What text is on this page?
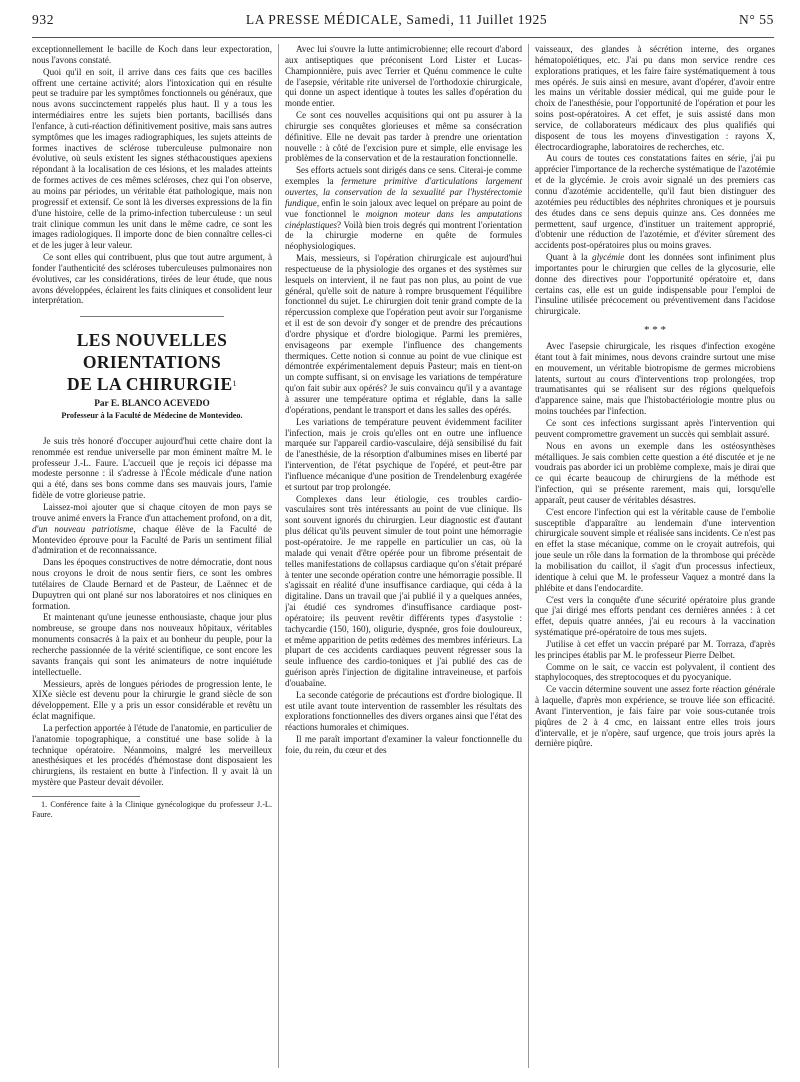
932	LA PRESSE MÉDICALE, Samedi, 11 Juillet 1925	N° 55

exceptionnellement le bacille de Koch dans leur expectoration, nous l'avons constaté.

Quoi qu'il en soit, il arrive dans ces faits que ces bacilles offrent une certaine activité; alors l'intoxication qui en résulte peut se traduire par les symptômes fonctionnels ou généraux, que nous avons succinctement rappelés plus haut. Il y a tous les intermédiaires entre les sujets bien portants, bacillisés dans l'enfance, à cuti-réaction définitivement positive, mais sans autres symptômes que les images radiographiques, les sujets atteints de formes inactives de sclérose tuberculeuse pulmonaire non évolutive, où seuls existent les signes stéthacoustiques apexiens répondant à la localisation de ces lésions, et les malades atteints de formes actives de ces mêmes scléroses, chez qui l'on observe, au moins par périodes, un véritable état pathologique, mais non progressif et extensif. Ce sont là les diverses expressions de la fin d'une histoire, celle de la primo-infection tuberculeuse : un seul trait clinique commun les unit dans le même cadre, ce sont les images radiologiques. Il importe donc de bien connaître celles-ci et de les juger à leur valeur.

Ce sont elles qui contribuent, plus que tout autre argument, à fonder l'authenticité des scléroses tuberculeuses pulmonaires non évolutives, car les considérations, tirées de leur étude, que nous avons développées, éclairent les faits cliniques et consolident leur interprétation.

LES NOUVELLES ORIENTATIONS
DE LA CHIRURGIE$^1$
Par E. BLANCO ACEVEDO
Professeur à la Faculté de Médecine de Montevideo.

Je suis très honoré d'occuper aujourd'hui cette chaire dont la renommée est rendue universelle par mon éminent maître M. le professeur J.-L. Faure. L'accueil que je reçois ici dépasse ma modeste personne : il s'adresse à l'École médicale d'une nation qui a été, dans ses bons comme dans ses mauvais jours, l'amie fidèle de votre glorieuse patrie.

Laissez-moi ajouter que si chaque citoyen de mon pays se trouve animé envers la France d'un attachement profond, on a dit, d'un nouveau patriotisme, chaque élève de la Faculté de Montevideo éprouve pour la Faculté de Paris un sentiment filial d'admiration et de reconnaissance.

Dans les époques constructives de notre démocratie, dont nous nous croyons le droit de nous sentir fiers, ce sont les ombres tutélaires de Claude Bernard et de Pasteur, de Laënnec et de Dupuytren qui ont plané sur nos laboratoires et nos cliniques en formation.

Et maintenant qu'une jeunesse enthousiaste, chaque jour plus nombreuse, se groupe dans nos nouveaux hôpitaux, véritables monuments consacrés à la paix et au bonheur du peuple, pour la recherche passionnée de la vérité scientifique, ce sont encore les savants français qui sont les animateurs de notre inquiétude intellectuelle.

Messieurs, après de longues périodes de progression lente, le XIXe siècle est devenu pour la chirurgie le grand siècle de son développement. Elle y a pris un essor considérable et revêtu un éclat magnifique.

La perfection apportée à l'étude de l'anatomie, en particulier de l'anatomie topographique, a constitué une base solide à la technique opératoire. Néanmoins, malgré les merveilleux anesthésiques et les procédés d'hémostase dont disposaient les chirurgiens, ils restaient en butte à l'infection. Il y avait là un mystère que Pasteur devait dévoiler.

1. Conférence faite à la Clinique gynécologique du professeur J.-L. Faure.

Avec lui s'ouvre la lutte antimicrobienne; elle recourt d'abord aux antiseptiques que préconisent Lord Lister et Lucas-Championnière, puis avec Terrier et Quénu commence le culte de l'asepsie, véritable rite universel de l'orthodoxie chirurgicale, qui donne un aspect identique à toutes les salles d'opération du monde entier.

Ce sont ces nouvelles acquisitions qui ont pu assurer à la chirurgie ses conquêtes glorieuses et même sa consécration définitive. Elle ne devait pas tarder à prendre une orientation nouvelle : à côté de l'excision pure et simple, elle envisage les problèmes de la conservation et de la restauration fonctionnelle.

Ses efforts actuels sont dirigés dans ce sens. Citerai-je comme exemples la fermeture primitive d'articulations largement ouvertes, la conservation de la sexualité par l'hystérectomie fundique, enfin le soin jaloux avec lequel on prépare au point de vue fonctionnel le moignon moteur dans les amputations cinéplastiques? Voilà bien trois degrés qui montrent l'orientation de la chirurgie moderne en quête de formules néophysiologiques.

Mais, messieurs, si l'opération chirurgicale est aujourd'hui respectueuse de la physiologie des organes et des systèmes sur lesquels on intervient, il ne faut pas non plus, au point de vue général, qu'elle soit de nature à rompre brusquement l'équilibre fonctionnel du sujet. Le chirurgien doit tenir grand compte de la répercussion complexe que l'opération peut avoir sur l'organisme et il est de son devoir d'y songer et de prendre des précautions d'ordre physique et d'ordre biologique. Parmi les premières, envisageons par exemple l'influence des changements thermiques. Cette notion si connue au point de vue clinique est démontrée expérimentalement depuis Pasteur; mais en tient-on un compte suffisant, si on envisage les variations de température qu'on fait subir aux opérés? Je suis convaincu qu'il y a avantage à assurer une température optima et réglable, dans la salle d'opérations, pendant le transport et dans les salles des opérés.

Les variations de température peuvent évidemment faciliter l'infection, mais je crois qu'elles ont en outre une influence marquée sur l'appareil cardio-vasculaire, déjà sensibilisé du fait de l'anesthésie, de la résorption d'albumines mises en liberté par l'intervention, de l'état psychique de l'opéré, et peut-être par l'influence mécanique d'une position de Trendelenburg exagérée et surtout par trop prolongée.

Complexes dans leur étiologie, ces troubles cardio-vasculaires sont très intéressants au point de vue clinique. Ils sont souvent ignorés du chirurgien. Leur diagnostic est d'autant plus délicat qu'ils peuvent simuler de tout point une hémorragie post-opératoire. Je me rappelle en particulier un cas, où la malade qui venait d'être opérée pour un fibrome présentait de telles manifestations de collapsus cardiaque qu'on s'était préparé à tenter une seconde opération contre une hémorragie possible. Il s'agissait en réalité d'une insuffisance cardiaque, qui céda à la digitaline. Dans un travail que j'ai publié il y a quelques années, j'ai étudié ces syndromes d'insuffisance cardiaque post-opératoire; ils peuvent revêtir différents types d'asystolie : tachycardie (150, 160), oligurie, dyspnée, gros foie douloureux, et même apparition de petits œdèmes des membres inférieurs. La plupart de ces accidents cardiaques peuvent régresser sous la seule influence des cardio-toniques et j'ai publié des cas de guérison après l'injection de digitaline intraveineuse, et parfois d'ouabaïne.

La seconde catégorie de précautions est d'ordre biologique. Il est utile avant toute intervention de rassembler les résultats des explorations fonctionnelles des divers organes ainsi que l'état des réactions humorales et chimiques.

Il me paraît important d'examiner la valeur fonctionnelle du foie, du rein, du cœur et des

vaisseaux, des glandes à sécrétion interne, des organes hématopoïétiques, etc. J'ai pu dans mon service rendre ces explorations pratiques, et les faire faire systématiquement à tous mes opérés. Je suis ainsi en mesure, avant d'opérer, d'avoir entre les mains un véritable dossier médical, qui me guide pour le choix de l'anesthésie, pour l'opportunité de l'opération et pour les soins post-opératoires. A cet effet, je suis assisté dans mon service, de collaborateurs médicaux des plus qualifiés qui disposent de tous les moyens d'investigation : rayons X, électrocardiographe, laboratoires de recherches, etc.

Au cours de toutes ces constatations faites en série, j'ai pu apprécier l'importance de la recherche systématique de l'azotémie et de la glycémie. Je crois avoir signalé un des premiers cas connu d'azotémie accidentelle, qu'il faut bien distinguer des azotémies peu réductibles des néphrites chroniques et je poursuis des études dans ce sens depuis quinze ans. Ces données me permettent, sauf urgence, d'instituer un traitement approprié, d'obtenir une réduction de l'azotémie, et d'éviter sûrement des accidents post-opératoires plus ou moins graves.

Quant à la glycémie dont les données sont infiniment plus importantes pour le chirurgien que celles de la glycosurie, elle donne des directives pour l'opportunité opératoire et, dans certains cas, elle est un guide indispensable pour l'emploi de l'insuline utilisée précocement ou préventivement dans l'acidose chirurgicale.

* * *

Avec l'asepsie chirurgicale, les risques d'infection exogène étant tout à fait minimes, nous devons craindre surtout une mise en mouvement, un véritable biotropisme de germes microbiens latents, surtout au cours d'interventions trop prolongées, trop traumatisantes qui se réalisent sur des régions quelquefois d'apparence saine, mais que l'histobactériologie montre plus ou moins touchées par l'infection.

Ce sont ces infections surgissant après l'intervention qui peuvent compromettre gravement un succès qui semblait assuré.

Nous en avons un exemple dans les ostéosynthèses métalliques. Je sais combien cette question a été discutée et je ne voudrais pas aborder ici un problème complexe, mais je dirai que ce qui écarte beaucoup de chirurgiens de la méthode est l'infection, qui se présente rarement, mais qui, lorsqu'elle apparaît, peut causer de véritables désastres.

C'est encore l'infection qui est la véritable cause de l'embolie susceptible d'apparaître au lendemain d'une intervention chirurgicale souvent simple et réalisée sans incidents. Ce n'est pas en effet la stase mécanique, comme on le croyait autrefois, qui joue seule un rôle dans la formation de la thrombose qui précède la mobilisation du caillot, il s'agit d'un processus infectieux, identique à celui que M. le professeur Vaquez a montré dans la phlébite et dans l'endocardite.

C'est vers la conquête d'une sécurité opératoire plus grande que j'ai dirigé mes efforts pendant ces dernières années : à cet effet, depuis quatre années, j'ai eu recours à la vaccination systématique pré-opératoire de tous mes sujets.

J'utilise à cet effet un vaccin préparé par M. Torraza, d'après les principes établis par M. le professeur Pierre Delbet.

Comme on le sait, ce vaccin est polyvalent, il contient des staphylocoques, des streptocoques et du pyocyanique.

Ce vaccin détermine souvent une assez forte réaction générale à laquelle, d'après mon expérience, se trouve liée son efficacité. Avant l'intervention, je fais faire par voie sous-cutanée trois piqûres de 2 à 4 cmc, en laissant entre elles trois jours d'intervalle, et je n'opère, sauf urgence, que trois jours après la dernière piqûre.
